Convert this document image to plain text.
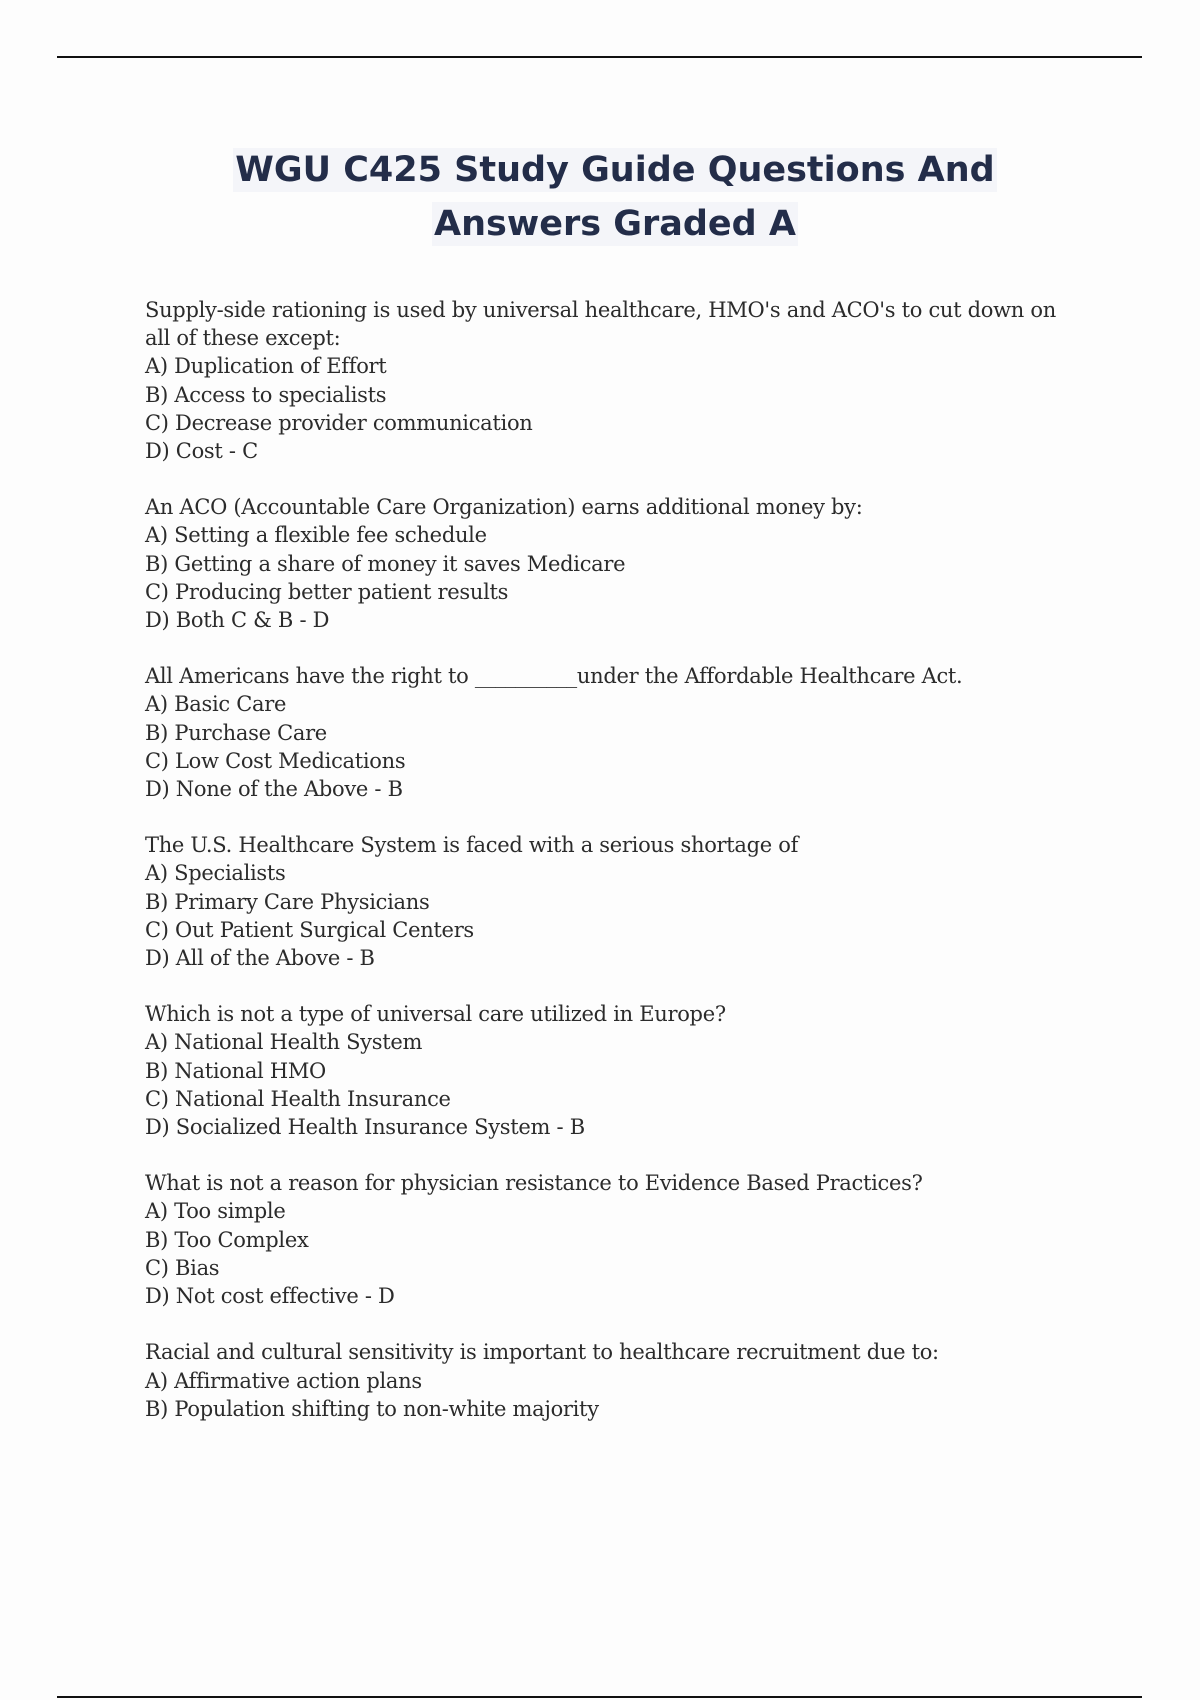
WGU C425 Study Guide Questions And
Answers Graded A
Supply-side rationing is used by universal healthcare, HMO's and ACO's to cut down on all of these except:
A) Duplication of Effort
B) Access to specialists
C) Decrease provider communication
D) Cost - C
An ACO (Accountable Care Organization) earns additional money by:
A) Setting a flexible fee schedule
B) Getting a share of money it saves Medicare
C) Producing better patient results
D) Both C & B - D
All Americans have the right to __________under the Affordable Healthcare Act.
A) Basic Care
B) Purchase Care
C) Low Cost Medications
D) None of the Above - B
The U.S. Healthcare System is faced with a serious shortage of
A) Specialists
B) Primary Care Physicians
C) Out Patient Surgical Centers
D) All of the Above - B
Which is not a type of universal care utilized in Europe?
A) National Health System
B) National HMO
C) National Health Insurance
D) Socialized Health Insurance System - B
What is not a reason for physician resistance to Evidence Based Practices?
A) Too simple
B) Too Complex
C) Bias
D) Not cost effective - D
Racial and cultural sensitivity is important to healthcare recruitment due to:
A) Affirmative action plans
B) Population shifting to non-white majority
